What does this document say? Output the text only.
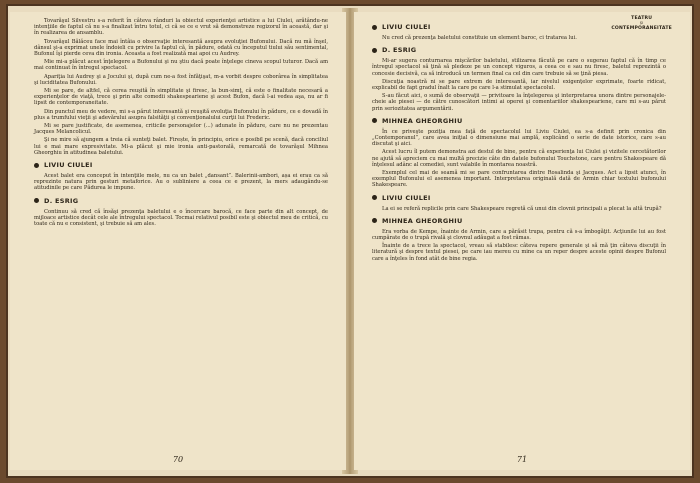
Tovarăşul Silvestru s-a referit în câteva rânduri la obiectul experienţei artistice a lui Ciulei, arătându-ne intenţiile de faptul că nu s-a finalizat întru totul, ci că se ce e vrut să demonstreze regizorul în această, dar şi în realizarea de ansamblu.

Tovarăşul Bălăceu face mai întâia o observaţie interesantă asupra evoluţiei Bufonului. Dacă nu mă înşel, dânsul şi-a exprimat unele îndoieli cu privire la faptul că, în pădure, odată cu începutul tiului său sentimental, Bufonul îşi pierde ceva din ironia. Aceasta a fost realizată mai apoi cu Audrey.

Mie mi-a plăcut acest înţelegere a Bufonului şi nu ştiu dacă poate înţelege cineva scopul tuturor. Dacă am mai continuat în întregul spectacol.

Apariţia lui Audrey şi a Jocului şi, după cum ne-a fost înfăţişat, m-a vorbit despre coborârea în simplitatea şi luciditatea Bufonului.

Mi se pare, de altfel, că cerea reuşită în simplitate şi firesc, la bun-simţ, că este o finalitate necesară a experienţelor de viaţă, trece şi prin alte comedii shakespeariene şi acest Bufon, dacă l-ai vedea aşa, nu ar fi lipsit de contemporaneitate.

Din punctul meu de vedere, mi s-a părut interesantă şi reuşită evoluţia Bufonului în pădure, ce e dovadă în plus a trumfului vieţii şi adevărului asupra falsităţii şi convenţionalului curţii lui Frederic.

Mi se pare justificate, de asemenea, criticile personajelor (...) adunate în pădure, care nu ne prezentau Jacques Melancolicul.

Şi ne mire să ajungem a treia că sunteţi balet. Firește, în principiu, orice e posibil pe scenă, dacă conciliul lui e mai mare expresivitate. Mi-a plăcut şi mie ironia anti-pastorală, remarcată de tovarăşul Mihnea Gheorghiu în atitudinea baletului.

LIVIU CIULEI

Acest balet era conceput în intenţiile mele, nu ca un balet „dansant”. Balerinii-ambori, așa ei erau ca să reprezinte natura prin gesturi metaforice. Au o subliniere a ceea ce e prezent, la mers adaugându-se atitudinile pe care Pădurea le impune.

D. ESRIG

Continuu să cred că însăşi prezenţa baletului e o încercare barocă, ce face parte din alt concept, de mijloace artistice decât cele ale întregului spectacol. Tocmai relativul posibil este şi obiectul meu de critică, cu toate că nu e consistent, şi trebuie să am ales.

70
TEATRU
ŞI
CONTEMPORANEITATE
LIVIU CIULEI

Nu cred că prezenţa baletului constituie un element baroc, ci tratarea lui.

D. ESRIG

Mi-ar sugera conturnarea mişcărilor baletului, stilizarea făcută pe care o sugerau faptul că în timp ce întregul spectacol să ţină să pledeze pe un concept viguros, a ceea ce e sau nu firesc, baletul reprezintă o concesie decisivă, ca să introducă un termen final ca cel din care trebuie să se ţină piesa.

Discuţia noastră ni se pare extrem de interesantă, iar nivelul exigenţelor exprimate, foarte ridicat, explicabil de fapt gradul înalt la care pe care l-a stimulat spectacolul.

S-au făcut aici, o sumă de observaţii — privitoare la înţelegerea şi interpretarea unora dintre personajele-cheie ale piesei — de către cunoscători intimi ai operei şi comentariilor shakespeariene, care mi s-au părut prin seriozitatea argumentării.

MIHNEA GHEORGHIU

În ce priveşte poziţia mea faţă de spectacolul lui Liviu Ciulei, ea s-a definit prin cronica din „Contemporanul”, care avea iniţial o dimensiune mai amplă, explicând o serie de date istorice, care s-au discutat şi aici.

Acest lucru îl putem demonstra azi destul de bine, pentru că experienţa lui Ciulei şi vizitele cercetătorilor ne ajută să apreciem cu mai multă precizie câte din datele bufonului Touchstone, care pentru Shakespeare dă înţelesul adânc al comediei, sunt valabile în montarea noastră.

Exemplul cel mai de seamă mi se pare confruntarea dintre Rosalinda şi Jacques. Act a lipsit atunci, în exemplul Bufonului el asemenea important. Interpretarea originală dată de Armin chiar textului bufonului Shakespeare.

LIVIU CIULEI

La ei se referă replicile prin care Shakespeare regretă că unui din clovnii principali a plecat la altă trupă?

MIHNEA GHEORGHIU

Era vorba de Kempe, înainte de Armin, care a părăsit trupa, pentru că s-a îmbogăţit. Acţiunile lui au fost cumpărate de o trupă rivală şi clovnul adăugat a fost rămas.

Înainte de a trece la spectacol, vreau să stabilesc câteva repere generale şi să mă ţin câteva discuţii în literatură şi despre textul piesei, pe care iau mereu cu mine ca un reper despre aceste opinii despre Bufonul care a înţeles în fond atât de bine regia.

71
